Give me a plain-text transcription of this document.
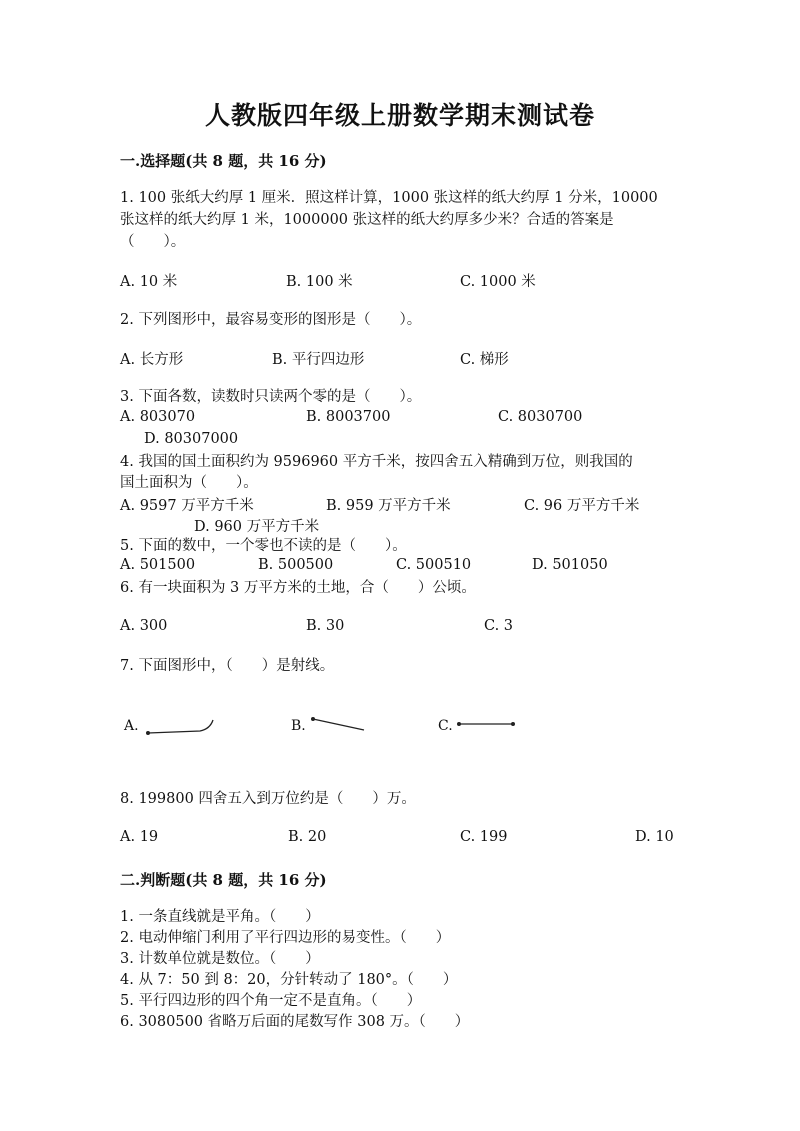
人教版四年级上册数学期末测试卷
一.选择题(共 8 题，共 16 分)
1. 100 张纸大约厚 1 厘米．照这样计算，1000 张这样的纸大约厚 1 分米，10000
张这样的纸大约厚 1 米，1000000 张这样的纸大约厚多少米？合适的答案是
（　　）。
A. 10 米	B. 100 米	C. 1000 米
2. 下列图形中，最容易变形的图形是（　　）。
A. 长方形	B. 平行四边形	C. 梯形
3. 下面各数，读数时只读两个零的是（　　）。
A. 803070	B. 8003700	C. 8030700
D. 80307000
4. 我国的国土面积约为 9596960 平方千米，按四舍五入精确到万位，则我国的
国土面积为（　　）。
A. 9597 万平方千米	B. 959 万平方千米	C. 96 万平方千米
D. 960 万平方千米
5. 下面的数中，一个零也不读的是（　　）。
A. 501500	B. 500500	C. 500510	D. 501050
6. 有一块面积为 3 万平方米的土地，合（　　）公顷。
A. 300	B. 30	C. 3
7. 下面图形中，（　　）是射线。
A.	B.	C.
8. 199800 四舍五入到万位约是（　　）万。
A. 19	B. 20	C. 199	D. 10
二.判断题(共 8 题，共 16 分)
1. 一条直线就是平角。（　　）
2. 电动伸缩门利用了平行四边形的易变性。（　　）
3. 计数单位就是数位。（　　）
4. 从 7：50 到 8：20，分针转动了 180°。（　　）
5. 平行四边形的四个角一定不是直角。（　　）
6. 3080500 省略万后面的尾数写作 308 万。（　　）
